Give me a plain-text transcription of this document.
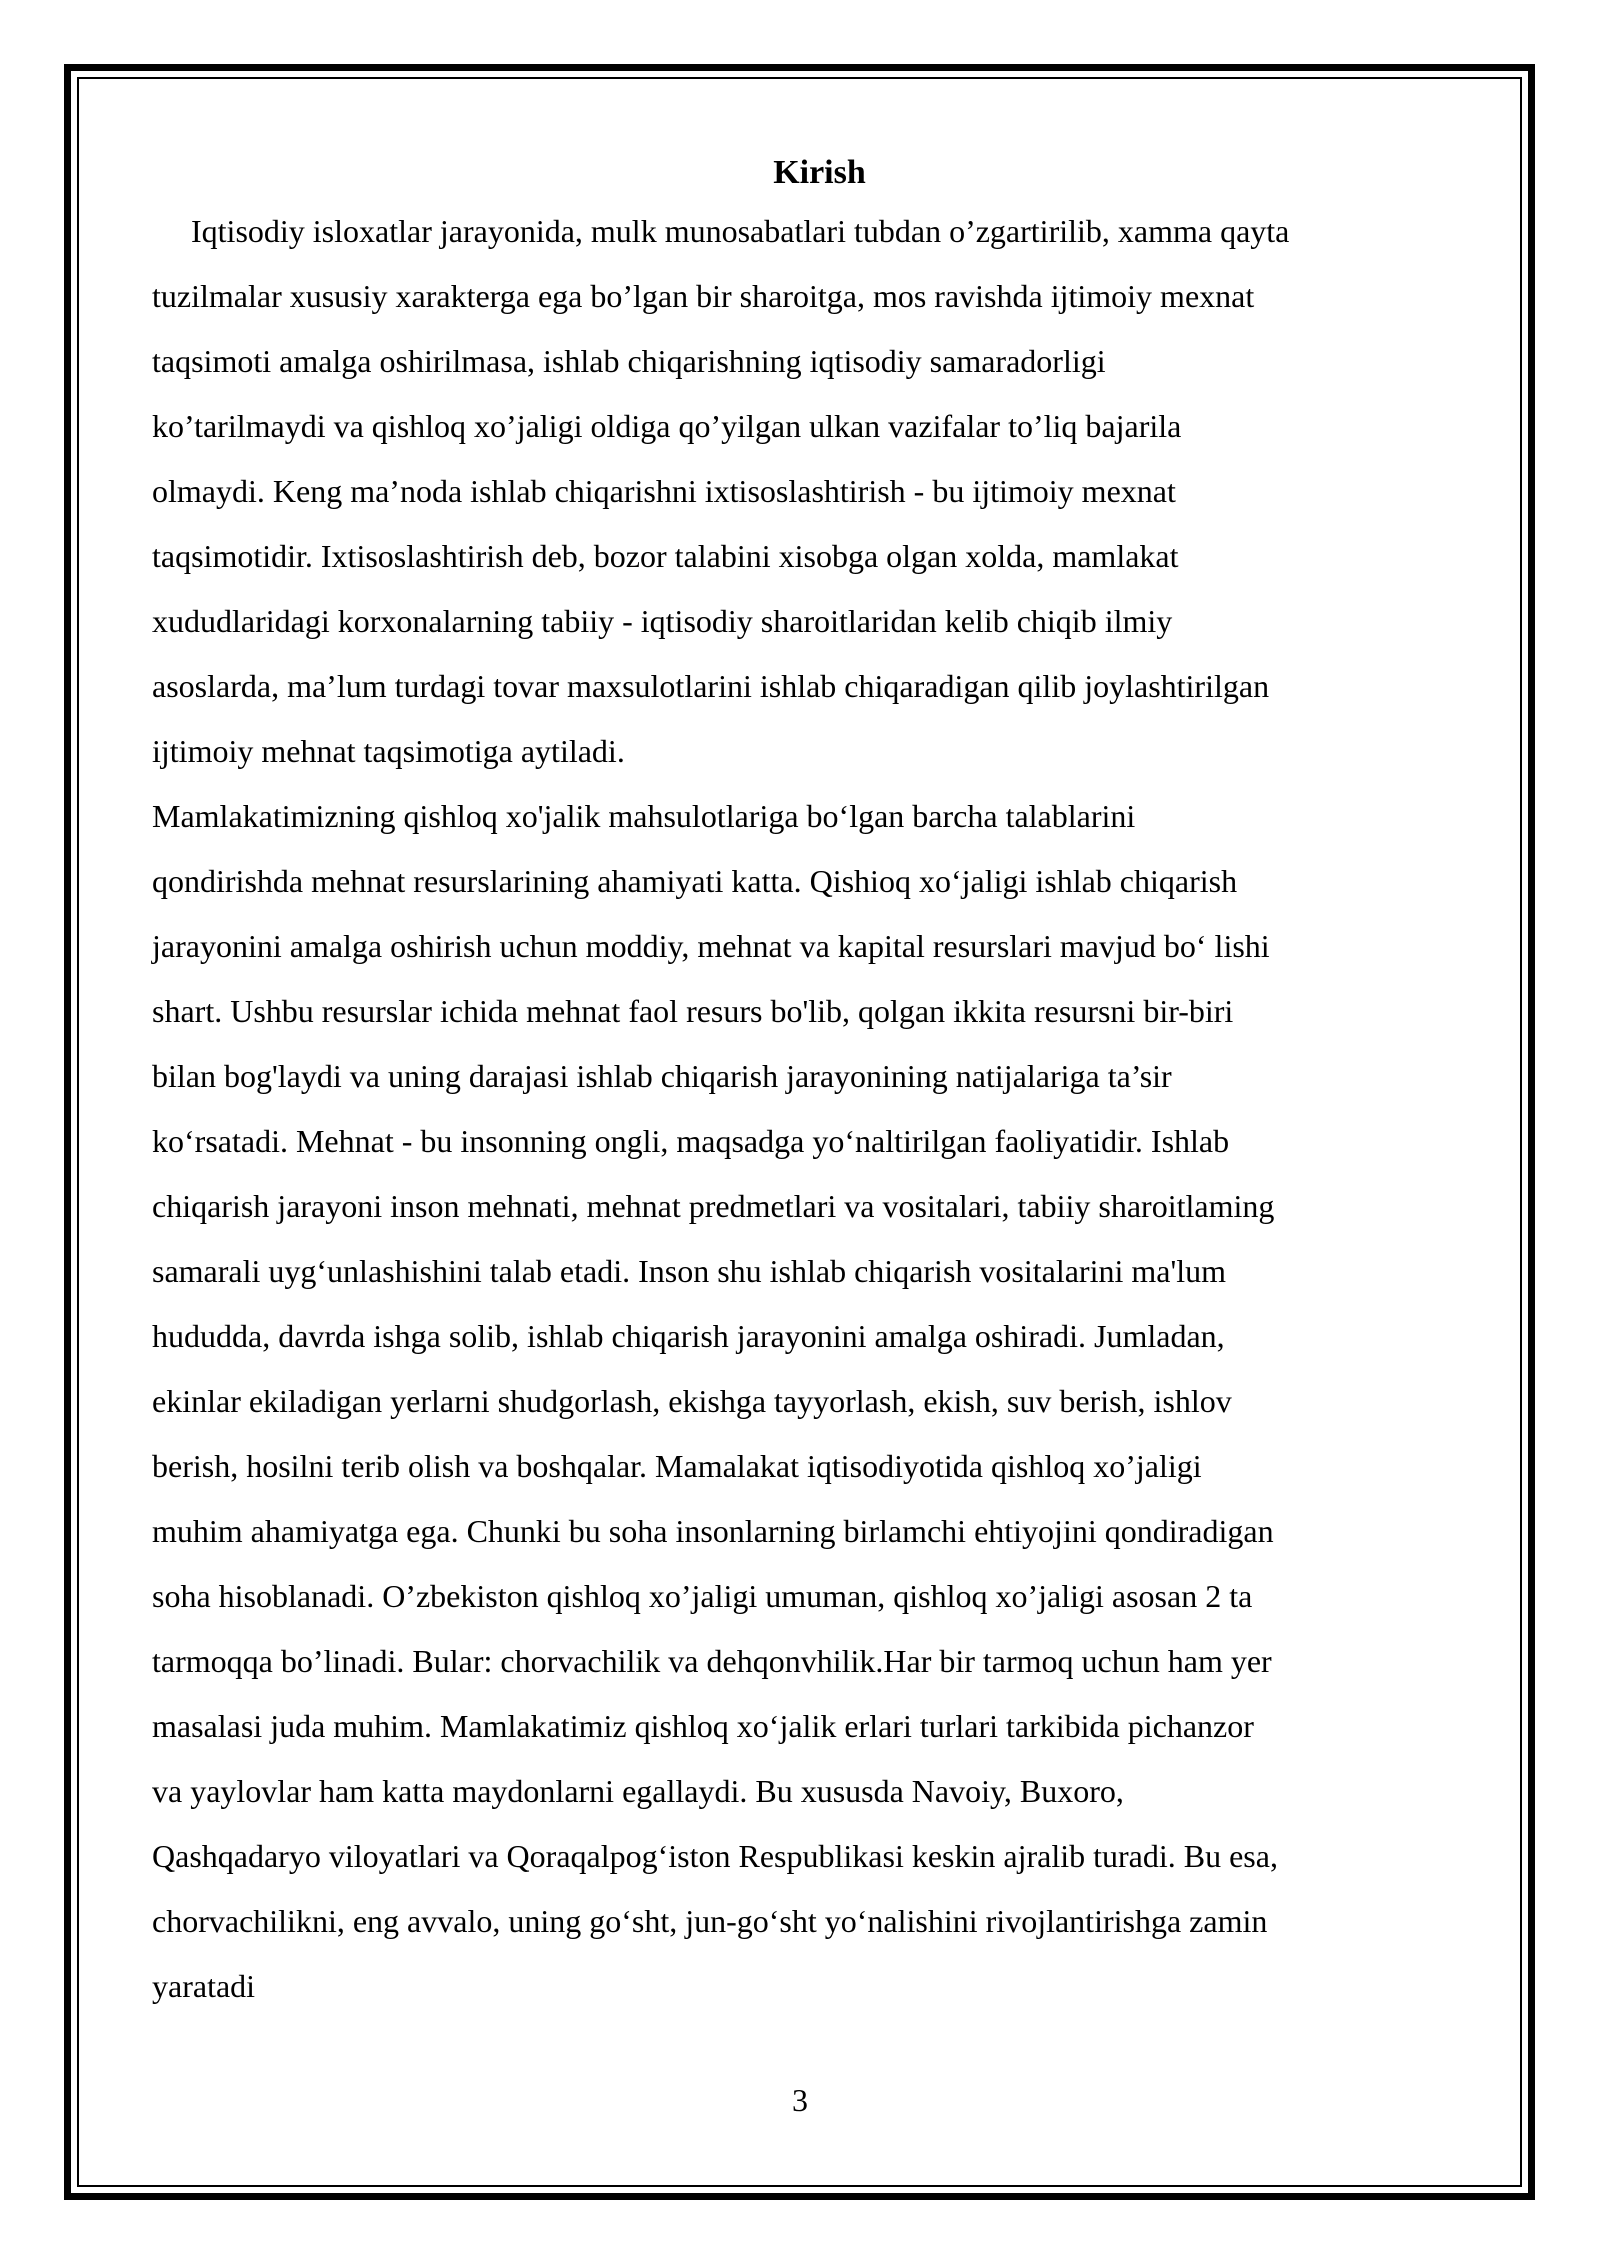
Kirish
Iqtisodiy isloxatlar jarayonida, mulk munosabatlari tubdan o’zgartirilib, xamma qayta
tuzilmalar xususiy xarakterga ega bo’lgan bir sharoitga, mos ravishda ijtimoiy mexnat
taqsimoti amalga oshirilmasa, ishlab chiqarishning iqtisodiy samaradorligi
ko’tarilmaydi va qishloq xo’jaligi oldiga qo’yilgan ulkan vazifalar to’liq bajarila
olmaydi. Keng ma’noda ishlab chiqarishni ixtisoslashtirish - bu ijtimoiy mexnat
taqsimotidir. Ixtisoslashtirish deb, bozor talabini xisobga olgan xolda, mamlakat
xududlaridagi korxonalarning tabiiy - iqtisodiy sharoitlaridan kelib chiqib ilmiy
asoslarda, ma’lum turdagi tovar maxsulotlarini ishlab chiqaradigan qilib joylashtirilgan
ijtimoiy mehnat taqsimotiga aytiladi.
Mamlakatimizning qishloq xo'jalik mahsulotlariga bo‘lgan barcha talablarini
qondirishda mehnat resurslarining ahamiyati katta. Qishioq xo‘jaligi ishlab chiqarish
jarayonini amalga oshirish uchun moddiy, mehnat va kapital resurslari mavjud bo‘ lishi
shart. Ushbu resurslar ichida mehnat faol resurs bo'lib, qolgan ikkita resursni bir-biri
bilan bog'laydi va uning darajasi ishlab chiqarish jarayonining natijalariga ta’sir
ko‘rsatadi. Mehnat - bu insonning ongli, maqsadga yo‘naltirilgan faoliyatidir. Ishlab
chiqarish jarayoni inson mehnati, mehnat predmetlari va vositalari, tabiiy sharoitlaming
samarali uyg‘unlashishini talab etadi. Inson shu ishlab chiqarish vositalarini ma'lum
hududda, davrda ishga solib, ishlab chiqarish jarayonini amalga oshiradi. Jumladan,
ekinlar ekiladigan yerlarni shudgorlash, ekishga tayyorlash, ekish, suv berish, ishlov
berish, hosilni terib olish va boshqalar. Mamalakat iqtisodiyotida qishloq xo’jaligi
muhim ahamiyatga ega. Chunki bu soha insonlarning birlamchi ehtiyojini qondiradigan
soha hisoblanadi. O’zbekiston qishloq xo’jaligi umuman, qishloq xo’jaligi asosan 2 ta
tarmoqqa bo’linadi. Bular: chorvachilik va dehqonvhilik.Har bir tarmoq uchun ham yer
masalasi juda muhim. Mamlakatimiz qishloq xo‘jalik erlari turlari tarkibida pichanzor
va yaylovlar ham katta maydonlarni egallaydi. Bu xususda Navoiy, Buxoro,
Qashqadaryo viloyatlari va Qoraqalpog‘iston Respublikasi keskin ajralib turadi. Bu esa,
chorvachilikni, eng avvalo, uning go‘sht, jun-go‘sht yo‘nalishini rivojlantirishga zamin
yaratadi
3
